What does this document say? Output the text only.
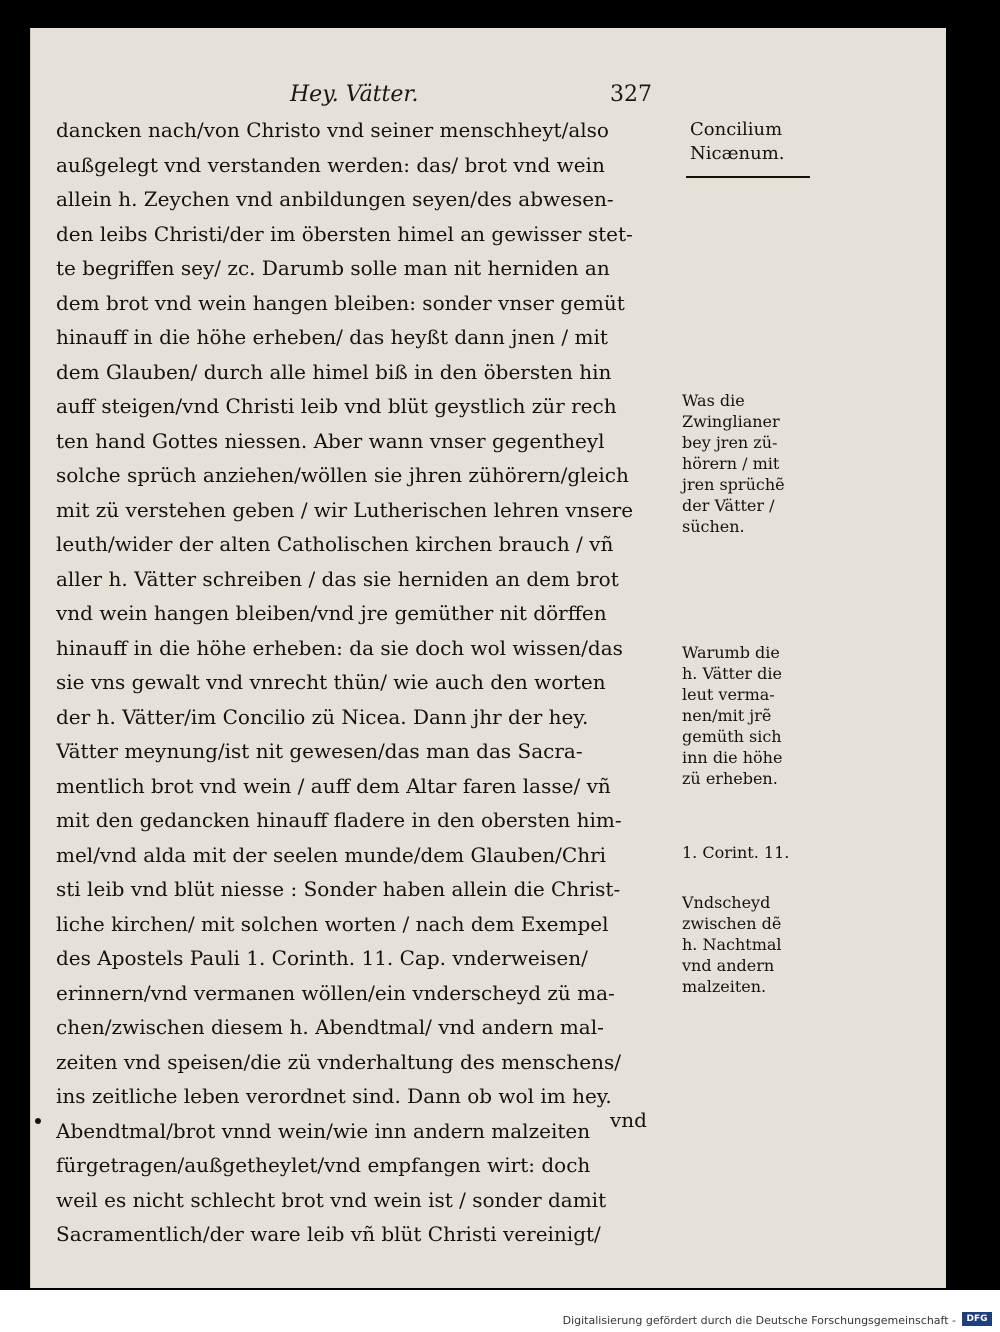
Hey. Vätter.	327
dancken nach/von Christo vnd seiner menschheyt/also
außgelegt vnd verstanden werden: das/ brot vnd wein
allein h. Zeychen vnd anbildungen seyen/des abwesen-
den leibs Christi/der im öbersten himel an gewisser stet-
te begriffen sey/ zc. Darumb solle man nit herniden an
dem brot vnd wein hangen bleiben: sonder vnser gemüt
hinauff in die höhe erheben/ das heyßt dann jnen / mit
dem Glauben/ durch alle himel biß in den öbersten hin
auff steigen/vnd Christi leib vnd blüt geystlich zür rech
ten hand Gottes niessen. Aber wann vnser gegentheyl
solche sprüch anziehen/wöllen sie jhren zühörern/gleich
mit zü verstehen geben / wir Lutherischen lehren vnsere
leuth/wider der alten Catholischen kirchen brauch / vñ
aller h. Vätter schreiben / das sie herniden an dem brot
vnd wein hangen bleiben/vnd jre gemüther nit dörffen
hinauff in die höhe erheben: da sie doch wol wissen/das
sie vns gewalt vnd vnrecht thün/ wie auch den worten
der h. Vätter/im Concilio zü Nicea. Dann jhr der hey.
Vätter meynung/ist nit gewesen/das man das Sacra-
mentlich brot vnd wein / auff dem Altar faren lasse/ vñ
mit den gedancken hinauff fladere in den obersten him-
mel/vnd alda mit der seelen munde/dem Glauben/Chri
sti leib vnd blüt niesse : Sonder haben allein die Christ-
liche kirchen/ mit solchen worten / nach dem Exempel
des Apostels Pauli 1. Corinth. 11. Cap. vnderweisen/
erinnern/vnd vermanen wöllen/ein vnderscheyd zü ma-
chen/zwischen diesem h. Abendtmal/ vnd andern mal-
zeiten vnd speisen/die zü vnderhaltung des menschens/
ins zeitliche leben verordnet sind. Dann ob wol im hey.
Abendtmal/brot vnnd wein/wie inn andern malzeiten
fürgetragen/außgetheylet/vnd empfangen wirt: doch
weil es nicht schlecht brot vnd wein ist / sonder damit
Sacramentlich/der ware leib vñ blüt Christi vereinigt/
vnd
Concilium
Nicænum.
Was die
Zwinglianer
bey jren zü-
hörern / mit
jren sprüchẽ
der Vätter /
süchen.
Warumb die
h. Vätter die
leut verma-
nen/mit jrẽ
gemüth sich
inn die höhe
zü erheben.
1. Corint. 11.
Vndscheyd
zwischen dẽ
h. Nachtmal
vnd andern
malzeiten.
Digitalisierung gefördert durch die Deutsche Forschungsgemeinschaft -	DFG
